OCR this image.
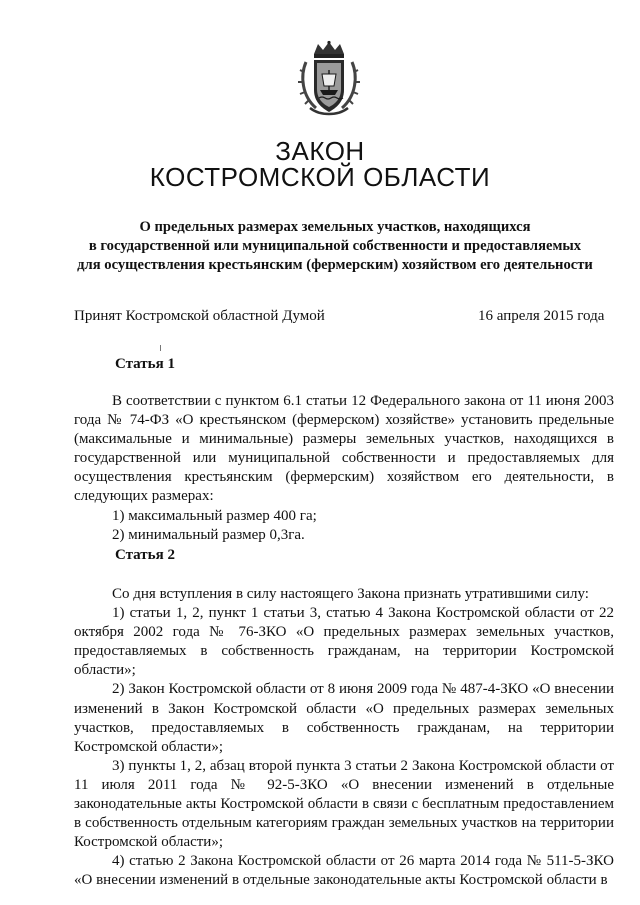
ЗАКОН
КОСТРОМСКОЙ ОБЛАСТИ
О предельных размерах земельных участков, находящихся
в государственной или муниципальной собственности и предоставляемых
для осуществления крестьянским (фермерским) хозяйством его деятельности
Принят Костромской областной Думой	16 апреля 2015 года
Статья 1

В соответствии с пунктом 6.1 статьи 12 Федерального закона от 11 июня 2003 года № 74-ФЗ «О крестьянском (фермерском) хозяйстве» установить предельные (максимальные и минимальные) размеры земельных участков, находящихся в государственной или муниципальной собственности и предоставляемых для осуществления крестьянским (фермерским) хозяйством его деятельности, в следующих размерах:

1) максимальный размер 400 га;

2) минимальный размер 0,3га.

Статья 2

Со дня вступления в силу настоящего Закона признать утратившими силу:

1) статьи 1, 2, пункт 1 статьи 3, статью 4 Закона Костромской области от 22 октября 2002 года № 76-ЗКО «О предельных размерах земельных участков, предоставляемых в собственность гражданам, на территории Костромской области»;

2) Закон Костромской области от 8 июня 2009 года № 487-4-ЗКО «О внесении изменений в Закон Костромской области «О предельных размерах земельных участков, предоставляемых в собственность гражданам, на территории Костромской области»;

3) пункты 1, 2, абзац второй пункта 3 статьи 2 Закона Костромской области от 11 июля 2011 года № 92-5-ЗКО «О внесении изменений в отдельные законодательные акты Костромской области в связи с бесплатным предоставлением в собственность отдельным категориям граждан земельных участков на территории Костромской области»;

4) статью 2 Закона Костромской области от 26 марта 2014 года № 511-5-ЗКО «О внесении изменений в отдельные законодательные акты Костромской области в
